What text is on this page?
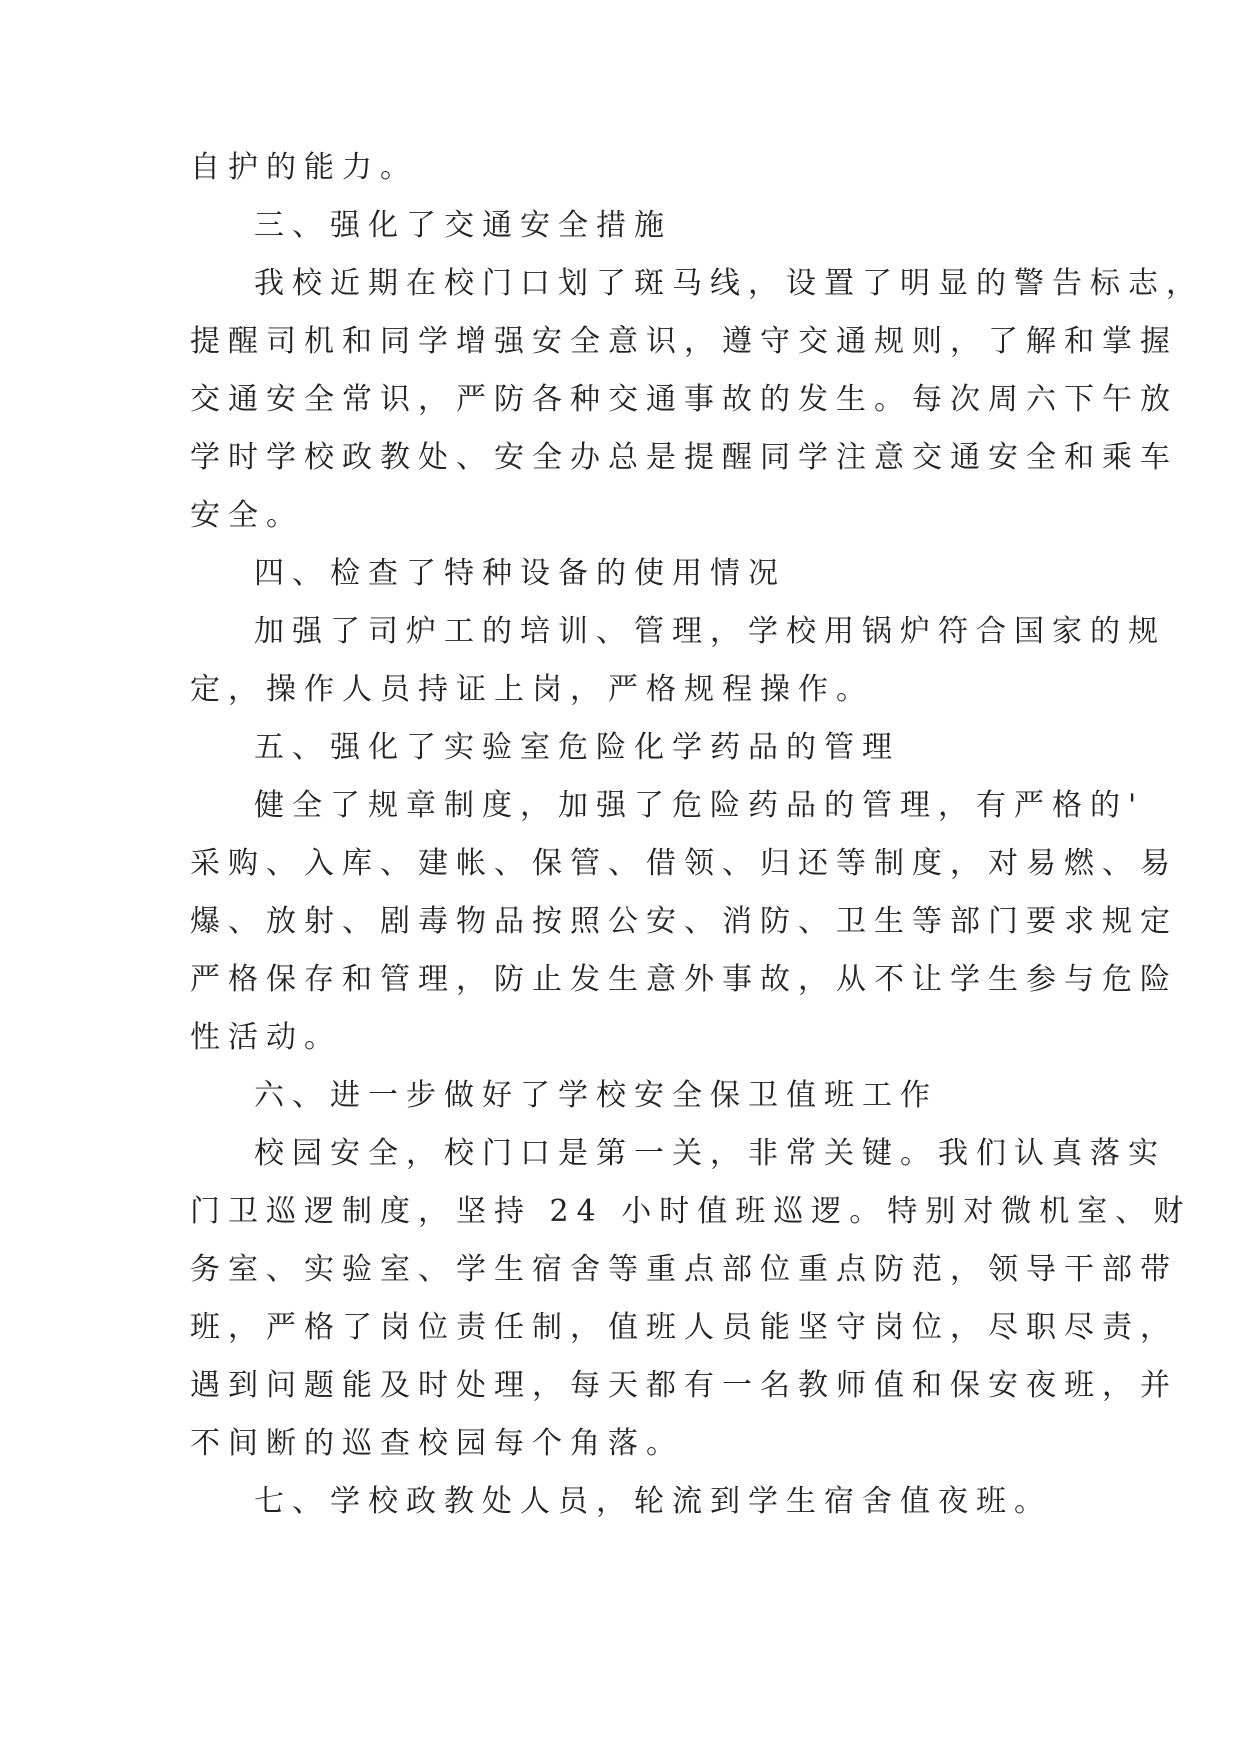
自护的能力。
三、强化了交通安全措施
我校近期在校门口划了斑马线，设置了明显的警告标志，
提醒司机和同学增强安全意识，遵守交通规则，了解和掌握
交通安全常识，严防各种交通事故的发生。每次周六下午放
学时学校政教处、安全办总是提醒同学注意交通安全和乘车
安全。
四、检查了特种设备的使用情况
加强了司炉工的培训、管理，学校用锅炉符合国家的规
定，操作人员持证上岗，严格规程操作。
五、强化了实验室危险化学药品的管理
健全了规章制度，加强了危险药品的管理，有严格的'
采购、入库、建帐、保管、借领、归还等制度，对易燃、易
爆、放射、剧毒物品按照公安、消防、卫生等部门要求规定
严格保存和管理，防止发生意外事故，从不让学生参与危险
性活动。
六、进一步做好了学校安全保卫值班工作
校园安全，校门口是第一关，非常关键。我们认真落实
门卫巡逻制度，坚持 24 小时值班巡逻。特别对微机室、财
务室、实验室、学生宿舍等重点部位重点防范，领导干部带
班，严格了岗位责任制，值班人员能坚守岗位，尽职尽责，
遇到问题能及时处理，每天都有一名教师值和保安夜班，并
不间断的巡查校园每个角落。
七、学校政教处人员，轮流到学生宿舍值夜班。
